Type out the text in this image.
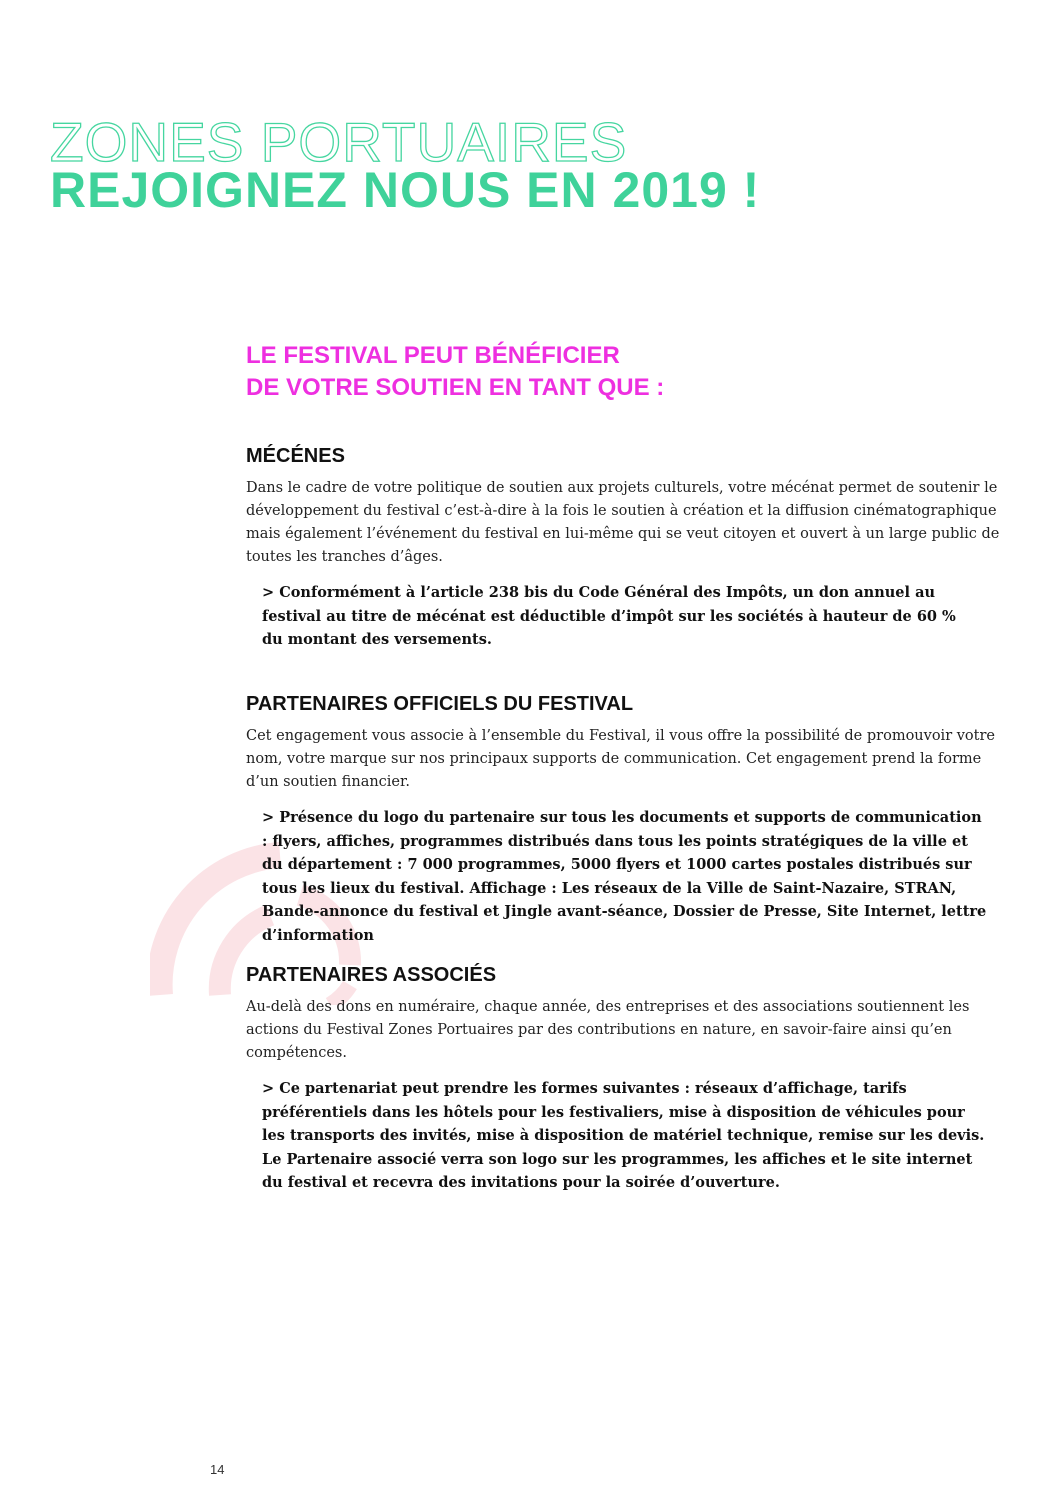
ZONES PORTUAIRES
REJOIGNEZ NOUS EN 2019 !
LE FESTIVAL PEUT BÉNÉFICIER
DE VOTRE SOUTIEN EN TANT QUE :
MÉCÉNES

Dans le cadre de votre politique de soutien aux projets culturels, votre mécénat permet de soutenir le développement du festival c’est-à-dire à la fois le soutien à création et la diffusion cinématographique mais également l’événement du festival en lui-même qui se veut citoyen et ouvert à un large public de toutes les tranches d’âges.

> Conformément à l’article 238 bis du Code Général des Impôts, un don annuel au festival au titre de mécénat est déductible d’impôt sur les sociétés à hauteur de 60 % du montant des versements.

PARTENAIRES OFFICIELS DU FESTIVAL

Cet engagement vous associe à l’ensemble du Festival, il vous offre la possibilité de promouvoir votre nom, votre marque sur nos principaux supports de communication. Cet engagement prend la forme d’un soutien financier.

> Présence du logo du partenaire sur tous les documents et supports de communication : flyers, affiches, programmes distribués dans tous les points stratégiques de la ville et du département : 7 000 programmes, 5000 flyers et 1000 cartes postales distribués sur tous les lieux du festival. Affichage : Les réseaux de la Ville de Saint-Nazaire, STRAN, Bande-annonce du festival et Jingle avant-séance, Dossier de Presse, Site Internet, lettre d’information

PARTENAIRES ASSOCIÉS

Au-delà des dons en numéraire, chaque année, des entreprises et des associations soutiennent les actions du Festival Zones Portuaires par des contributions en nature, en savoir-faire ainsi qu’en compétences.

> Ce partenariat peut prendre les formes suivantes : réseaux d’affichage, tarifs préférentiels dans les hôtels pour les festivaliers, mise à disposition de véhicules pour les transports des invités, mise à disposition de matériel technique, remise sur les devis. Le Partenaire associé verra son logo sur les programmes, les affiches et le site internet du festival et recevra des invitations pour la soirée d’ouverture.

14
